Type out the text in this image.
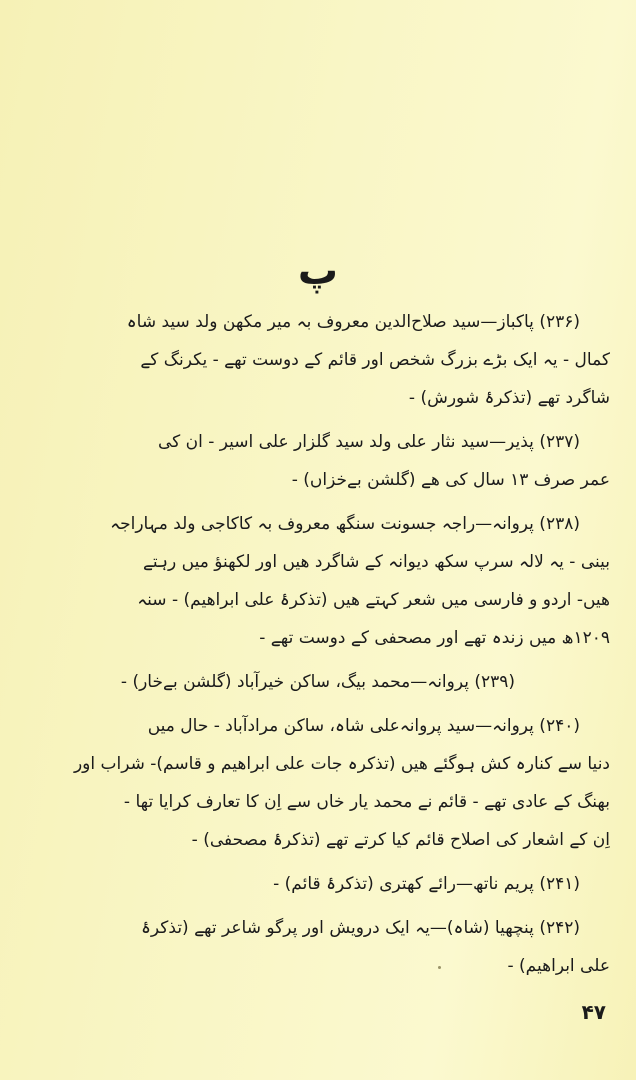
پ
(۲۳۶) پاکباز—سید صلاح‌الدین معروف بہ میر مکھن ولد سید شاہ
کمال - یہ ایک بڑے بزرگ شخص اور قائم کے دوست تھے - یکرنگ کے
شاگرد تھے (تذکرۂ شورش) -
(۲۳۷) پذیر—سید نثار علی ولد سید گلزار علی اسیر - ان کی
عمر صرف ۱۳ سال کی ھے (گلشن بےخزاں) -
(۲۳۸) پروانہ—راجہ جسونت سنگھ معروف بہ کاکاجی ولد مہاراجہ
بینی - یہ لالہ سرپ سکھ دیوانہ کے شاگرد ھیں اور لکھنؤ میں رہتے
ھیں- اردو و فارسی میں شعر کہتے ھیں (تذکرۂ علی ابراھیم) - سنہ
۱۲۰۹ھ میں زندہ تھے اور مصحفی کے دوست تھے -
(۲۳۹) پروانہ—محمد بیگ، ساکن خیرآباد (گلشن بےخار) -
(۲۴۰) پروانہ—سید پروانہ‌علی شاہ، ساکن مرادآباد - حال میں
دنیا سے کنارہ کش ہوگئے ھیں (تذکرہ جات علی ابراھیم و قاسم)- شراب اور
بھنگ کے عادی تھے - قائم نے محمد یار خاں سے اِن کا تعارف کرایا تھا -
اِن کے اشعار کی اصلاح قائم کیا کرتے تھے (تذکرۂ مصحفی) -
(۲۴۱) پریم ناتھ—رائے کھتری (تذکرۂ قائم) -
(۲۴۲) پنچھیا (شاہ)—یہ ایک درویش اور پرگو شاعر تھے (تذکرۂ
علی ابراھیم) -
۴۷
